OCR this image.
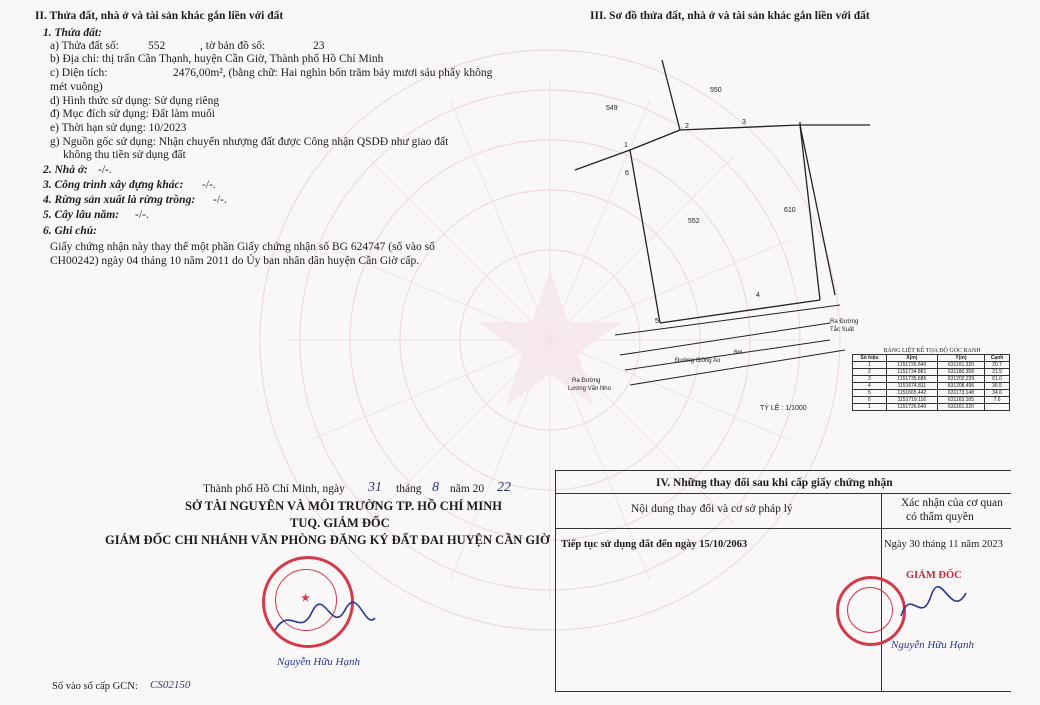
II. Thửa đất, nhà ở và tài sản khác gắn liền với đất
1. Thửa đất:
a) Thửa đất số:	552	, tờ bản đồ số:	23
b) Địa chỉ: thị trấn Cần Thạnh, huyện Cần Giờ, Thành phố Hồ Chí Minh
c) Diện tích:	2476,00m², (bằng chữ: Hai nghìn bốn trăm bảy mươi sáu phẩy không
mét vuông)
d) Hình thức sử dụng: Sử dụng riêng
đ) Mục đích sử dụng: Đất làm muối
e) Thời hạn sử dụng: 10/2023
g) Nguồn gốc sử dụng: Nhận chuyển nhượng đất được Công nhận QSDĐ như giao đất
không thu tiền sử dụng đất
2. Nhà ở: -/-.
3. Công trình xây dựng khác: -/-.
4. Rừng sản xuất là rừng trồng: -/-.
5. Cây lâu năm: -/-.
6. Ghi chú:
Giấy chứng nhận này thay thế một phần Giấy chứng nhận số BG 624747 (số vào sổ
CH00242) ngày 04 tháng 10 năm 2011 do Ủy ban nhân dân huyện Cần Giờ cấp.
III. Sơ đồ thửa đất, nhà ở và tài sản khác gắn liền với đất
2
3
1
6
4
5
550
549
552
610
Đường Giồng Ao
6m
Ra Đường
Tắc Suất
Ra Đường
Lương Văn Nho
TỶ LỆ : 1/1000
BẢNG LIỆT KÊ TỌA ĐỘ GÓC RANH
Số hiệu	X(m)	Y(m)	Cạnh
1	1151726.640	631161.320	20.7
2	1151734.881	631180.358	21.9
3	1151735.686	631202.239	61.0
4	1151674.811	631208.496	36.5
5	1151665.442	631173.148	34.6
6	1151719.116	631163.165	7.6
1	1151726.640	631161.320	
Thành phố Hồ Chí Minh, ngày 31 tháng 8 năm 20 22
SỞ TÀI NGUYÊN VÀ MÔI TRƯỜNG TP. HỒ CHÍ MINH
TUQ. GIÁM ĐỐC
GIÁM ĐỐC CHI NHÁNH VĂN PHÒNG ĐĂNG KÝ ĐẤT ĐAI HUYỆN CẦN GIỜ
★
Nguyễn Hữu Hạnh
Số vào sổ cấp GCN: CS02150
IV. Những thay đổi sau khi cấp giấy chứng nhận
Nội dung thay đổi và cơ sở pháp lý	Xác nhận của cơ quan
có thẩm quyền
Tiếp tục sử dụng đất đến ngày 15/10/2063	Ngày 30 tháng 11 năm 2023
GIÁM ĐỐC
Nguyễn Hữu Hạnh
